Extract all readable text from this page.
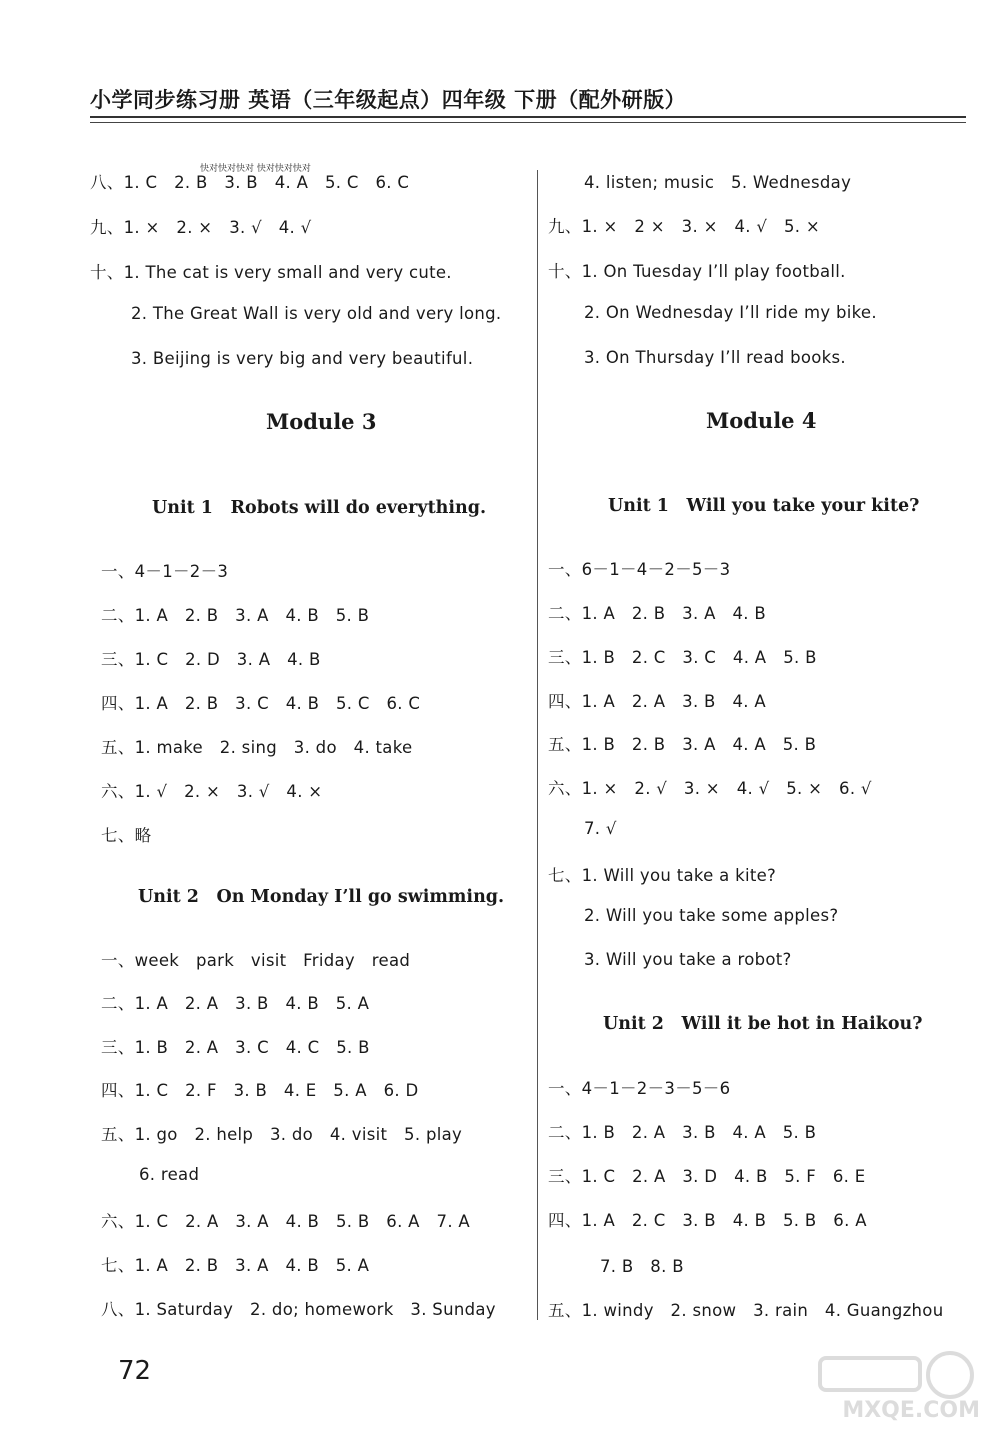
小学同步练习册 英语（三年级起点）四年级 下册（配外研版）
快对快对快对 快对快对快对
八、1. C　2. B　3. B　4. A　5. C　6. C
九、1. ×　2. ×　3. √　4. √
十、1. The cat is very small and very cute.
2. The Great Wall is very old and very long.
3. Beijing is very big and very beautiful.
Module 3
Unit 1　Robots will do everything.
一、4－1－2－3
二、1. A　2. B　3. A　4. B　5. B
三、1. C　2. D　3. A　4. B
四、1. A　2. B　3. C　4. B　5. C　6. C
五、1. make　2. sing　3. do　4. take
六、1. √　2. ×　3. √　4. ×
七、略
Unit 2　On Monday I’ll go swimming.
一、week　park　visit　Friday　read
二、1. A　2. A　3. B　4. B　5. A
三、1. B　2. A　3. C　4. C　5. B
四、1. C　2. F　3. B　4. E　5. A　6. D
五、1. go　2. help　3. do　4. visit　5. play
6. read
六、1. C　2. A　3. A　4. B　5. B　6. A　7. A
七、1. A　2. B　3. A　4. B　5. A
八、1. Saturday　2. do; homework　3. Sunday
4. listen; music　5. Wednesday
九、1. ×　2 ×　3. ×　4. √　5. ×
十、1. On Tuesday I’ll play football.
2. On Wednesday I’ll ride my bike.
3. On Thursday I’ll read books.
Module 4
Unit 1　Will you take your kite?
一、6－1－4－2－5－3
二、1. A　2. B　3. A　4. B
三、1. B　2. C　3. C　4. A　5. B
四、1. A　2. A　3. B　4. A
五、1. B　2. B　3. A　4. A　5. B
六、1. ×　2. √　3. ×　4. √　5. ×　6. √
7. √
七、1. Will you take a kite?
2. Will you take some apples?
3. Will you take a robot?
Unit 2　Will it be hot in Haikou?
一、4－1－2－3－5－6
二、1. B　2. A　3. B　4. A　5. B
三、1. C　2. A　3. D　4. B　5. F　6. E
四、1. A　2. C　3. B　4. B　5. B　6. A
7. B　8. B
五、1. windy　2. snow　3. rain　4. Guangzhou
72
MXQE.COM
